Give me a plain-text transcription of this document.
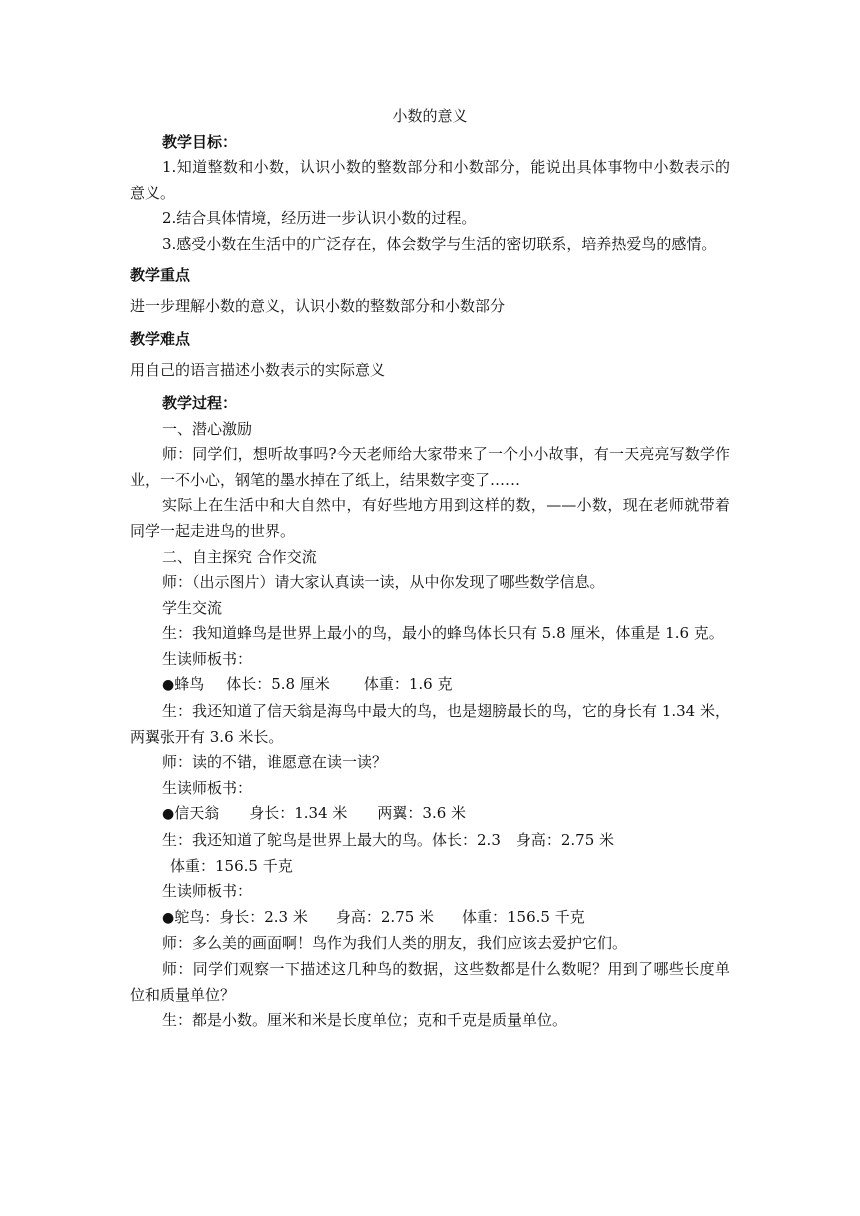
小数的意义

教学目标：

1.知道整数和小数，认识小数的整数部分和小数部分，能说出具体事物中小数表示的意义。

2.结合具体情境，经历进一步认识小数的过程。

3.感受小数在生活中的广泛存在，体会数学与生活的密切联系，培养热爱鸟的感情。

教学重点

进一步理解小数的意义，认识小数的整数部分和小数部分

教学难点

用自己的语言描述小数表示的实际意义

教学过程：

一、潜心激励

师：同学们，想听故事吗?今天老师给大家带来了一个小小故事，有一天亮亮写数学作业，一不小心，钢笔的墨水掉在了纸上，结果数字变了……

实际上在生活中和大自然中，有好些地方用到这样的数，——小数，现在老师就带着同学一起走进鸟的世界。

二、自主探究 合作交流

师：（出示图片）请大家认真读一读，从中你发现了哪些数学信息。

学生交流

生：我知道蜂鸟是世界上最小的鸟，最小的蜂鸟体长只有 5.8 厘米，体重是 1.6 克。

生读师板书：

●蜂鸟 体长：5.8 厘米 体重：1.6 克

生：我还知道了信天翁是海鸟中最大的鸟，也是翅膀最长的鸟，它的身长有 1.34 米，两翼张开有 3.6 米长。

师：读的不错，谁愿意在读一读？

生读师板书：

●信天翁 身长：1.34 米 两翼：3.6 米

生：我还知道了鸵鸟是世界上最大的鸟。体长：2.3　身高：2.75 米

体重：156.5 千克

生读师板书：

●鸵鸟：身长：2.3 米 身高：2.75 米 体重：156.5 千克

师：多么美的画面啊！鸟作为我们人类的朋友，我们应该去爱护它们。

师：同学们观察一下描述这几种鸟的数据，这些数都是什么数呢？用到了哪些长度单位和质量单位？

生：都是小数。厘米和米是长度单位；克和千克是质量单位。
